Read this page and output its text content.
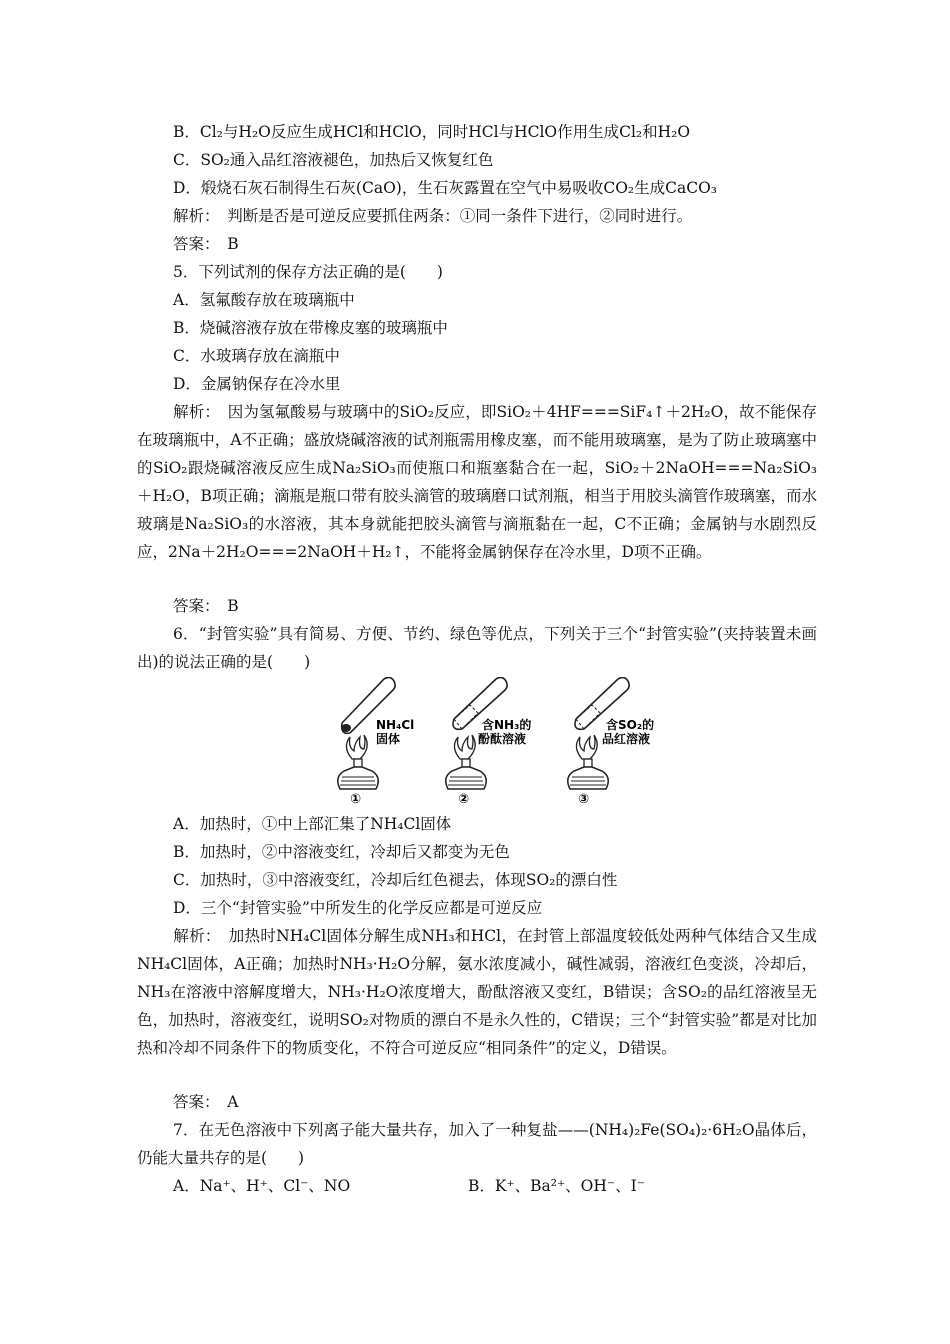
B．Cl₂与H₂O反应生成HCl和HClO，同时HCl与HClO作用生成Cl₂和H₂O
C．SO₂通入品红溶液褪色，加热后又恢复红色
D．煅烧石灰石制得生石灰(CaO)，生石灰露置在空气中易吸收CO₂生成CaCO₃
解析：　判断是否是可逆反应要抓住两条：①同一条件下进行，②同时进行。
答案：　B
5．下列试剂的保存方法正确的是(　　)
A．氢氟酸存放在玻璃瓶中
B．烧碱溶液存放在带橡皮塞的玻璃瓶中
C．水玻璃存放在滴瓶中
D．金属钠保存在冷水里
解析：　因为氢氟酸易与玻璃中的SiO₂反应，即SiO₂＋4HF===SiF₄↑＋2H₂O，故不能保存在玻璃瓶中，A不正确；盛放烧碱溶液的试剂瓶需用橡皮塞，而不能用玻璃塞，是为了防止玻璃塞中的SiO₂跟烧碱溶液反应生成Na₂SiO₃而使瓶口和瓶塞黏合在一起，SiO₂＋2NaOH===Na₂SiO₃＋H₂O，B项正确；滴瓶是瓶口带有胶头滴管的玻璃磨口试剂瓶，相当于用胶头滴管作玻璃塞，而水玻璃是Na₂SiO₃的水溶液，其本身就能把胶头滴管与滴瓶黏在一起，C不正确；金属钠与水剧烈反应，2Na＋2H₂O===2NaOH＋H₂↑，不能将金属钠保存在冷水里，D项不正确。
答案：　B
6．“封管实验”具有简易、方便、节约、绿色等优点，下列关于三个“封管实验”(夹持装置未画出)的说法正确的是(　　)
NH₄Cl
固体
①
含NH₃的
酚酞溶液
②
含SO₂的
品红溶液
③
A．加热时，①中上部汇集了NH₄Cl固体
B．加热时，②中溶液变红，冷却后又都变为无色
C．加热时，③中溶液变红，冷却后红色褪去，体现SO₂的漂白性
D．三个“封管实验”中所发生的化学反应都是可逆反应
解析：　加热时NH₄Cl固体分解生成NH₃和HCl，在封管上部温度较低处两种气体结合又生成NH₄Cl固体，A正确；加热时NH₃·H₂O分解，氨水浓度减小，碱性减弱，溶液红色变淡，冷却后，NH₃在溶液中溶解度增大，NH₃·H₂O浓度增大，酚酞溶液又变红，B错误；含SO₂的品红溶液呈无色，加热时，溶液变红，说明SO₂对物质的漂白不是永久性的，C错误；三个“封管实验”都是对比加热和冷却不同条件下的物质变化，不符合可逆反应“相同条件”的定义，D错误。
答案：　A
7．在无色溶液中下列离子能大量共存，加入了一种复盐——(NH₄)₂Fe(SO₄)₂·6H₂O晶体后，仍能大量共存的是(　　)
A．Na⁺、H⁺、Cl⁻、NO	B．K⁺、Ba²⁺、OH⁻、I⁻
